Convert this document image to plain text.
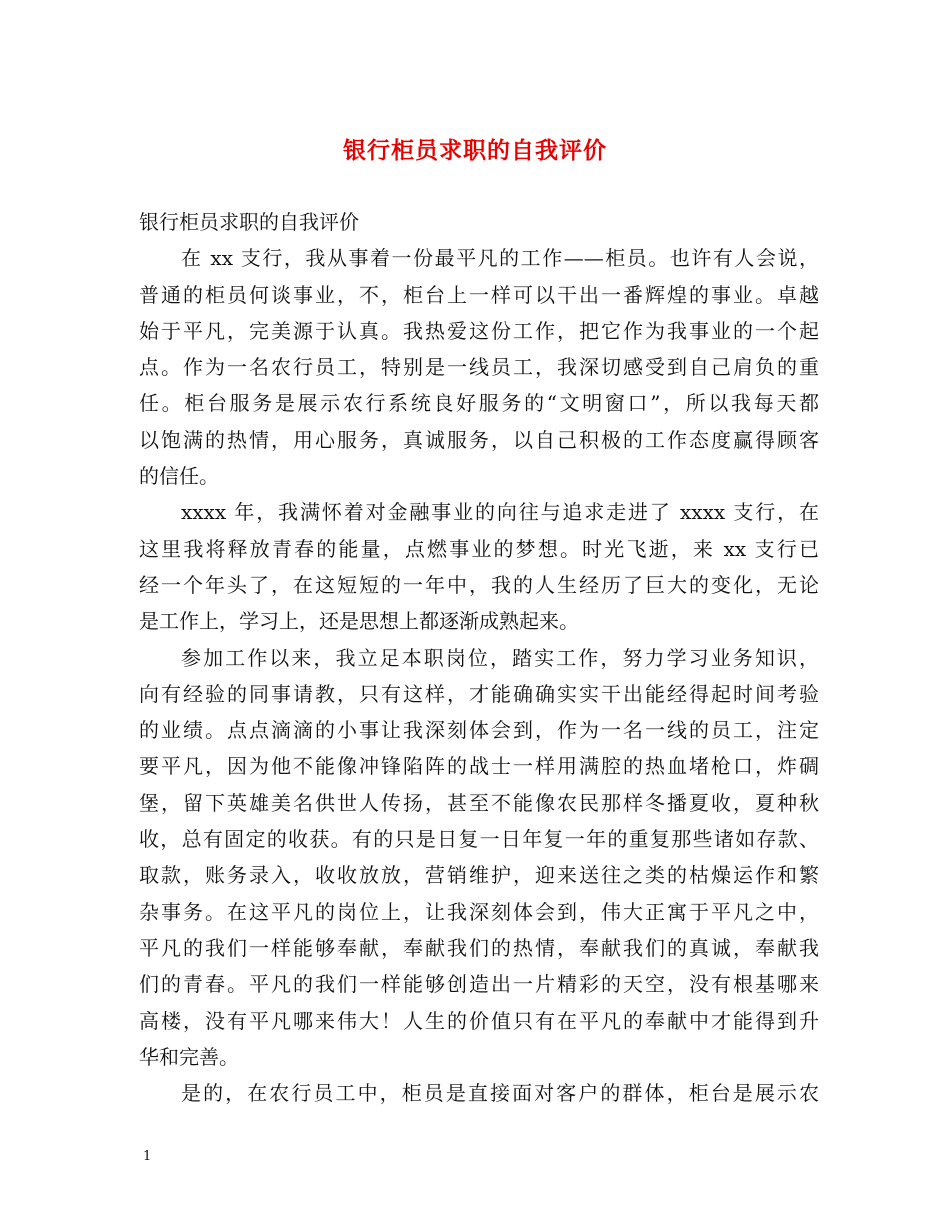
银行柜员求职的自我评价
银行柜员求职的自我评价
在 xx 支行，我从事着一份最平凡的工作——柜员。也许有人会说，
普通的柜员何谈事业，不，柜台上一样可以干出一番辉煌的事业。卓越
始于平凡，完美源于认真。我热爱这份工作，把它作为我事业的一个起
点。作为一名农行员工，特别是一线员工，我深切感受到自己肩负的重
任。柜台服务是展示农行系统良好服务的“文明窗口”，所以我每天都
以饱满的热情，用心服务，真诚服务，以自己积极的工作态度赢得顾客
的信任。
xxxx 年，我满怀着对金融事业的向往与追求走进了 xxxx 支行，在
这里我将释放青春的能量，点燃事业的梦想。时光飞逝，来 xx 支行已
经一个年头了，在这短短的一年中，我的人生经历了巨大的变化，无论
是工作上，学习上，还是思想上都逐渐成熟起来。
参加工作以来，我立足本职岗位，踏实工作，努力学习业务知识，
向有经验的同事请教，只有这样，才能确确实实干出能经得起时间考验
的业绩。点点滴滴的小事让我深刻体会到，作为一名一线的员工，注定
要平凡，因为他不能像冲锋陷阵的战士一样用满腔的热血堵枪口，炸碉
堡，留下英雄美名供世人传扬，甚至不能像农民那样冬播夏收，夏种秋
收，总有固定的收获。有的只是日复一日年复一年的重复那些诸如存款、
取款，账务录入，收收放放，营销维护，迎来送往之类的枯燥运作和繁
杂事务。在这平凡的岗位上，让我深刻体会到，伟大正寓于平凡之中，
平凡的我们一样能够奉献，奉献我们的热情，奉献我们的真诚，奉献我
们的青春。平凡的我们一样能够创造出一片精彩的天空，没有根基哪来
高楼，没有平凡哪来伟大！人生的价值只有在平凡的奉献中才能得到升
华和完善。
是的，在农行员工中，柜员是直接面对客户的群体，柜台是展示农
1
